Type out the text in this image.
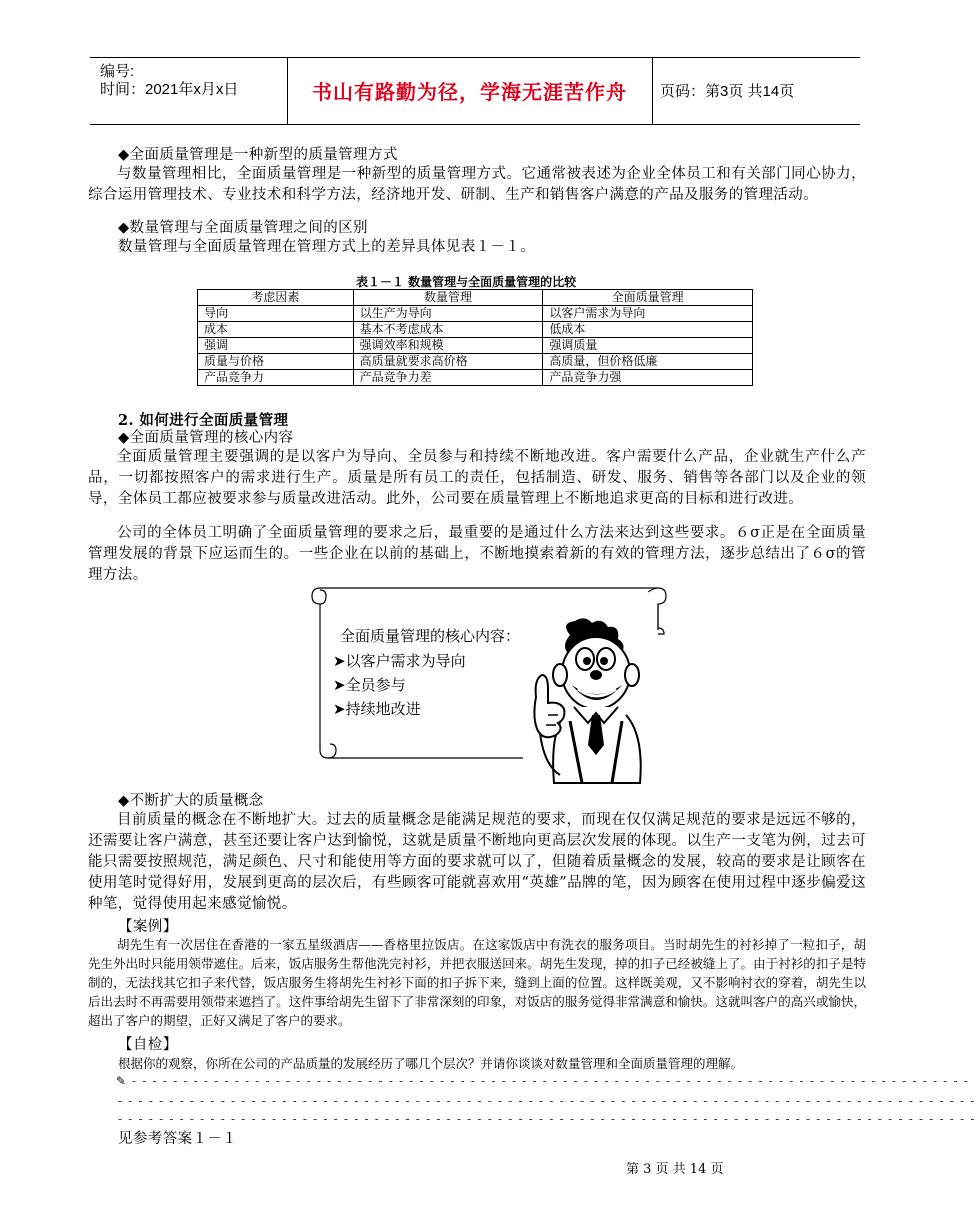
编号:
时间：2021年x月x日	书山有路勤为径，学海无涯苦作舟	页码：第3页 共14页
◆全面质量管理是一种新型的质量管理方式
与数量管理相比，全面质量管理是一种新型的质量管理方式。它通常被表述为企业全体员工和有关部门同心协力，综合运用管理技术、专业技术和科学方法，经济地开发、研制、生产和销售客户满意的产品及服务的管理活动。
◆数量管理与全面质量管理之间的区别
数量管理与全面质量管理在管理方式上的差异具体见表１－１。
表１－１ 数量管理与全面质量管理的比较
考虑因素	数量管理	全面质量管理
导向	以生产为导向	以客户需求为导向
成本	基本不考虑成本	低成本
强调	强调效率和规模	强调质量
质量与价格	高质量就要求高价格	高质量，但价格低廉
产品竞争力	产品竞争力差	产品竞争力强
2. 如何进行全面质量管理
◆全面质量管理的核心内容
全面质量管理主要强调的是以客户为导向、全员参与和持续不断地改进。客户需要什么产品，企业就生产什么产品，一切都按照客户的需求进行生产。质量是所有员工的责任，包括制造、研发、服务、销售等各部门以及企业的领导，全体员工都应被要求参与质量改进活动。此外，公司要在质量管理上不断地追求更高的目标和进行改进。
公司的全体员工明确了全面质量管理的要求之后，最重要的是通过什么方法来达到这些要求。６σ正是在全面质量管理发展的背景下应运而生的。一些企业在以前的基础上，不断地摸索着新的有效的管理方法，逐步总结出了６σ的管理方法。
全面质量管理的核心内容：
➤以客户需求为导向
➤全员参与
➤持续地改进
◆不断扩大的质量概念
目前质量的概念在不断地扩大。过去的质量概念是能满足规范的要求，而现在仅仅满足规范的要求是远远不够的，还需要让客户满意，甚至还要让客户达到愉悦，这就是质量不断地向更高层次发展的体现。以生产一支笔为例，过去可能只需要按照规范，满足颜色、尺寸和能使用等方面的要求就可以了，但随着质量概念的发展，较高的要求是让顾客在使用笔时觉得好用，发展到更高的层次后，有些顾客可能就喜欢用“英雄”品牌的笔，因为顾客在使用过程中逐步偏爱这种笔，觉得使用起来感觉愉悦。
【案例】
胡先生有一次居住在香港的一家五星级酒店——香格里拉饭店。在这家饭店中有洗衣的服务项目。当时胡先生的衬衫掉了一粒扣子，胡先生外出时只能用领带遮住。后来，饭店服务生帮他洗完衬衫，并把衣服送回来。胡先生发现，掉的扣子已经被缝上了。由于衬衫的扣子是特制的，无法找其它扣子来代替，饭店服务生将胡先生衬衫下面的扣子拆下来，缝到上面的位置。这样既美观，又不影响衬衣的穿着，胡先生以后出去时不再需要用领带来遮挡了。这件事给胡先生留下了非常深刻的印象，对饭店的服务觉得非常满意和愉快。这就叫客户的高兴或愉快，超出了客户的期望，正好又满足了客户的要求。
【自检】
根据你的观察，你所在公司的产品质量的发展经历了哪几个层次？并请你谈谈对数量管理和全面质量管理的理解。
✎ - - - - - - - - - - - - - - - - - - - - - - - - - - - - - - - - - - - - - - - - - - - - - - - - - - - - - - - - - - - - - - - - - - - - - - - - - - - - - - - - - -
- - - - - - - - - - - - - - - - - - - - - - - - - - - - - - - - - - - - - - - - - - - - - - - - - - - - - - - - - - - - - - - - - - - - - - - - - - - - - - - - - - - -
- - - - - - - - - - - - - - - - - - - - - - - - - - - - - - - - - - - - - - - - - - - - - - - - - - - - - - - - - - - - - - - - - - - - - - - - - - - - - - - - - - - -
见参考答案１－１
第 3 页 共 14 页
